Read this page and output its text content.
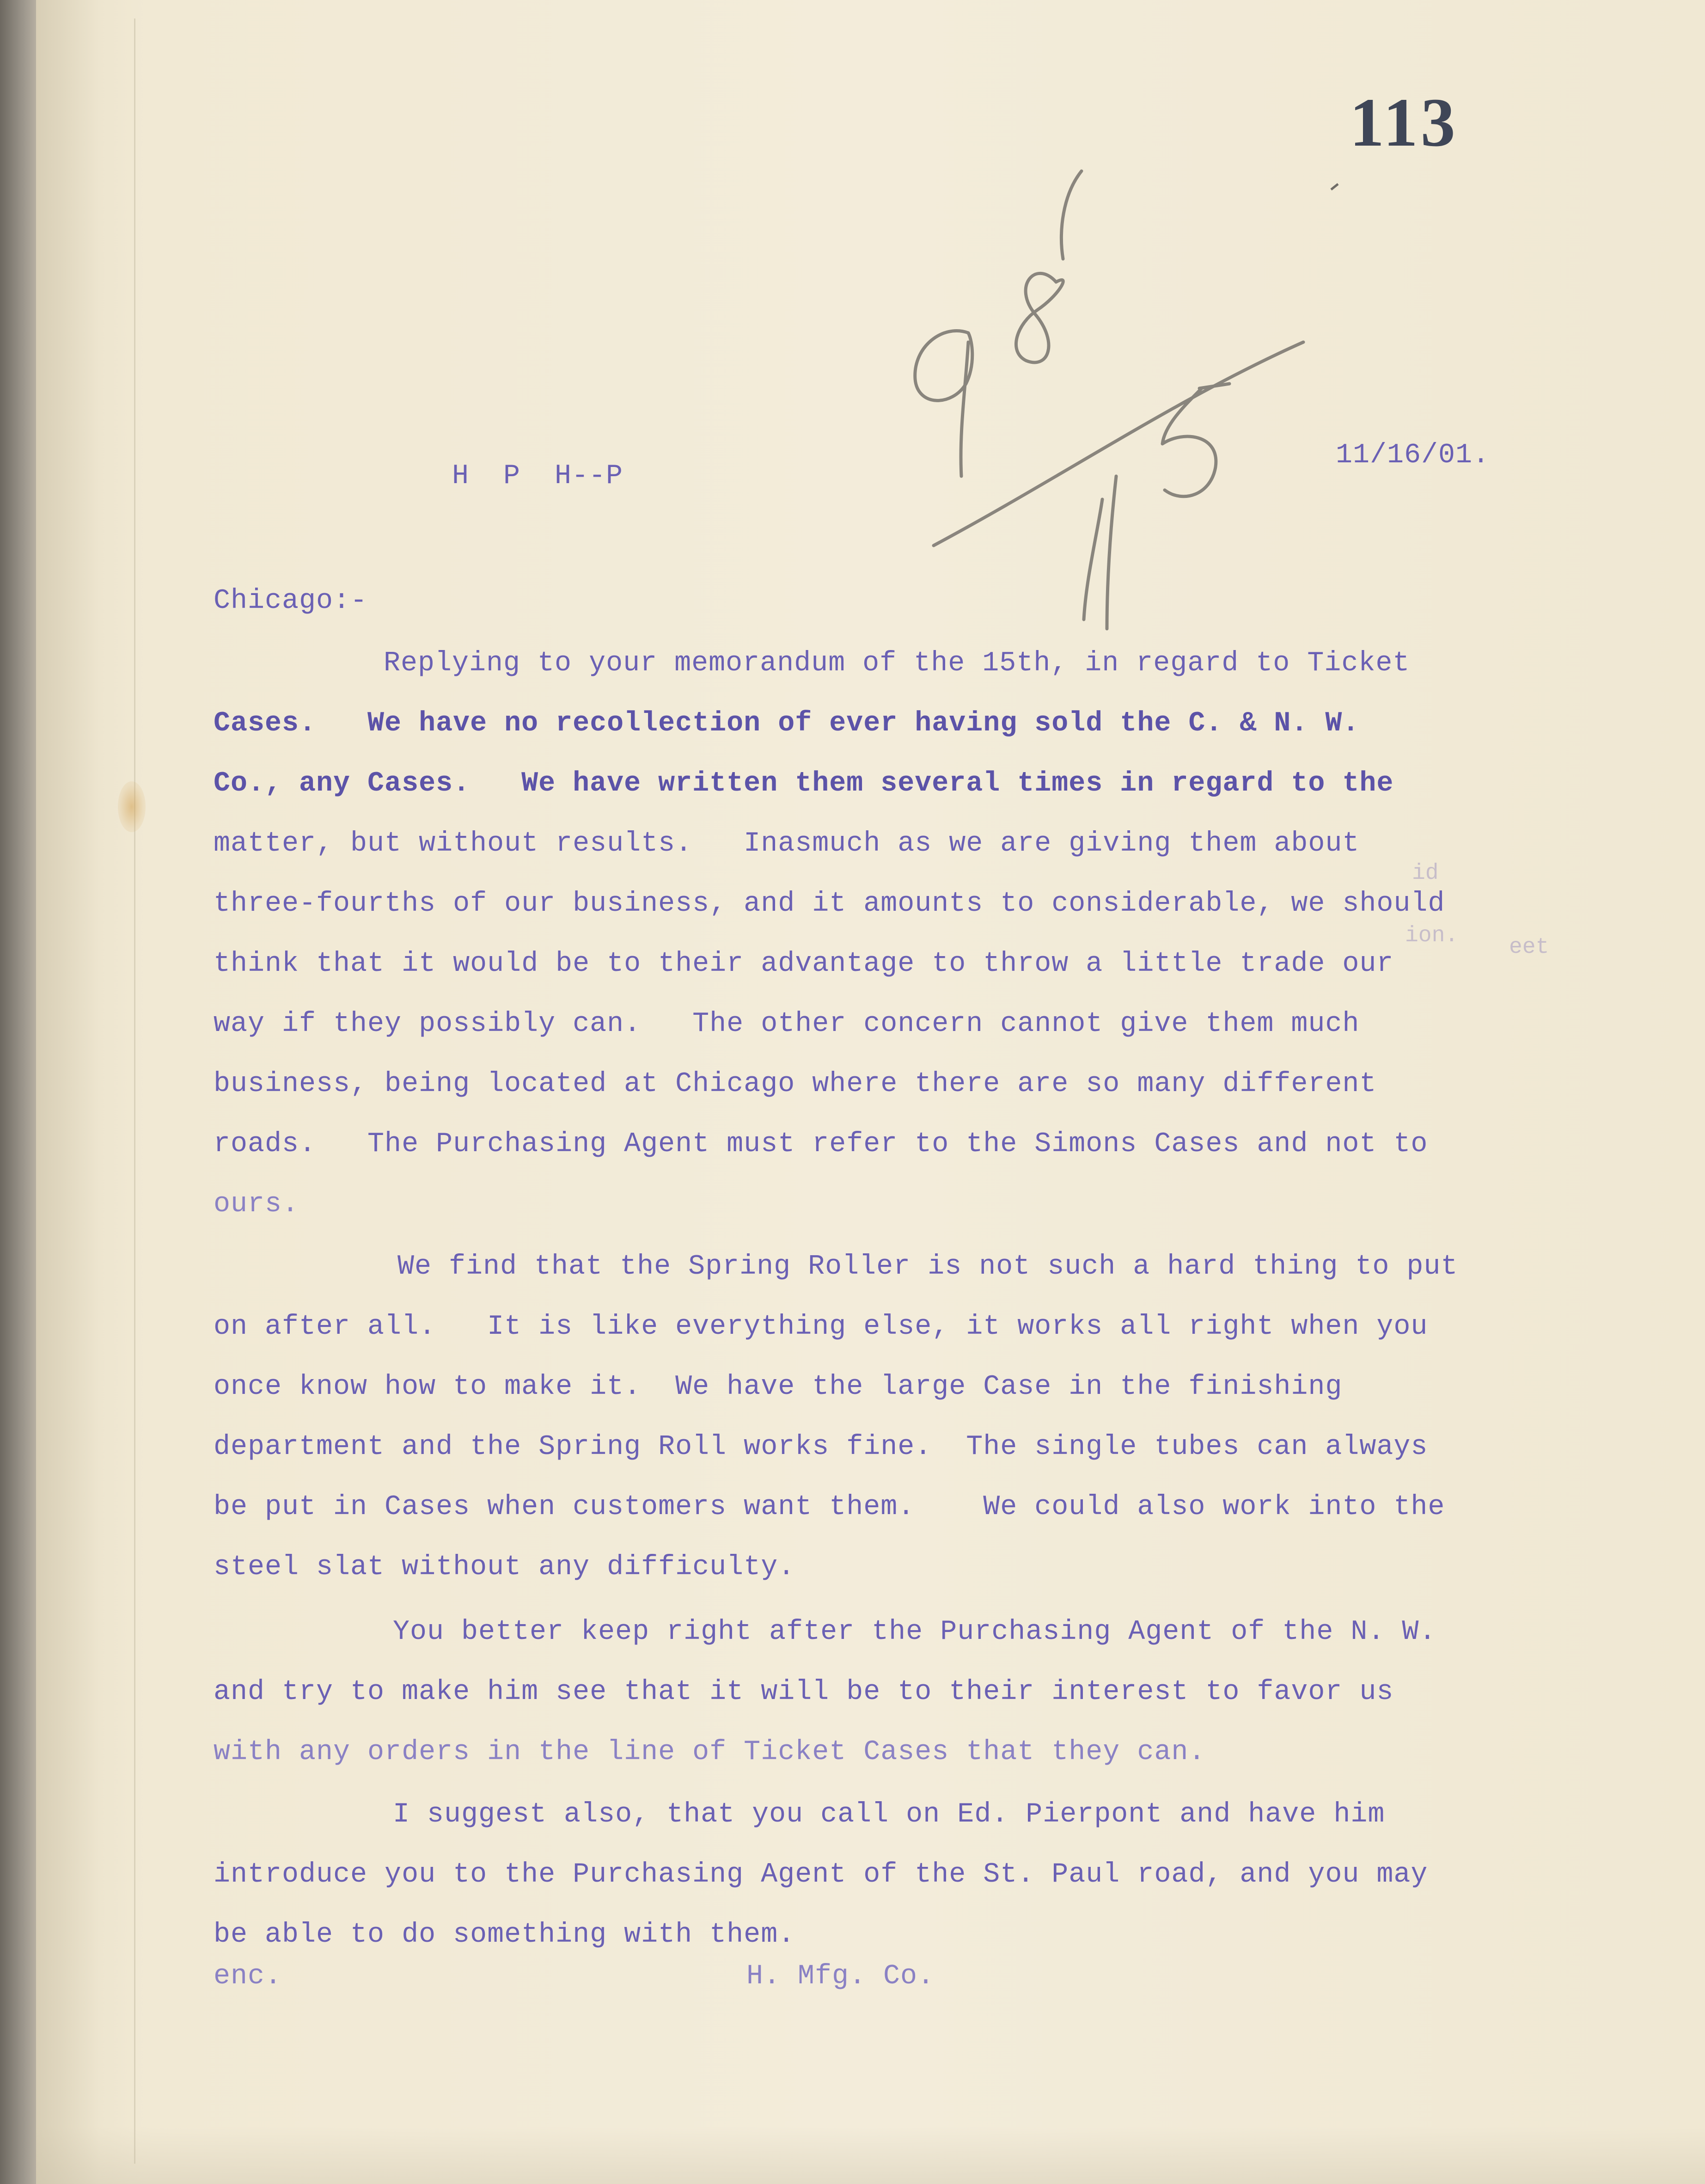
113
H  P  H--P
11/16/01.
Chicago:-
Replying to your memorandum of the 15th, in regard to Ticket
Cases.   We have no recollection of ever having sold the C. & N. W.
Co., any Cases.   We have written them several times in regard to the
matter, but without results.   Inasmuch as we are giving them about
three-fourths of our business, and it amounts to considerable, we should
think that it would be to their advantage to throw a little trade our
way if they possibly can.   The other concern cannot give them much
business, being located at Chicago where there are so many different
roads.   The Purchasing Agent must refer to the Simons Cases and not to
ours.
We find that the Spring Roller is not such a hard thing to put
on after all.   It is like everything else, it works all right when you
once know how to make it.  We have the large Case in the finishing
department and the Spring Roll works fine.  The single tubes can always
be put in Cases when customers want them.    We could also work into the
steel slat without any difficulty.
You better keep right after the Purchasing Agent of the N. W.
and try to make him see that it will be to their interest to favor us
with any orders in the line of Ticket Cases that they can.
I suggest also, that you call on Ed. Pierpont and have him
introduce you to the Purchasing Agent of the St. Paul road, and you may
be able to do something with them.
enc.	H. Mfg. Co.
id
ion. eet
